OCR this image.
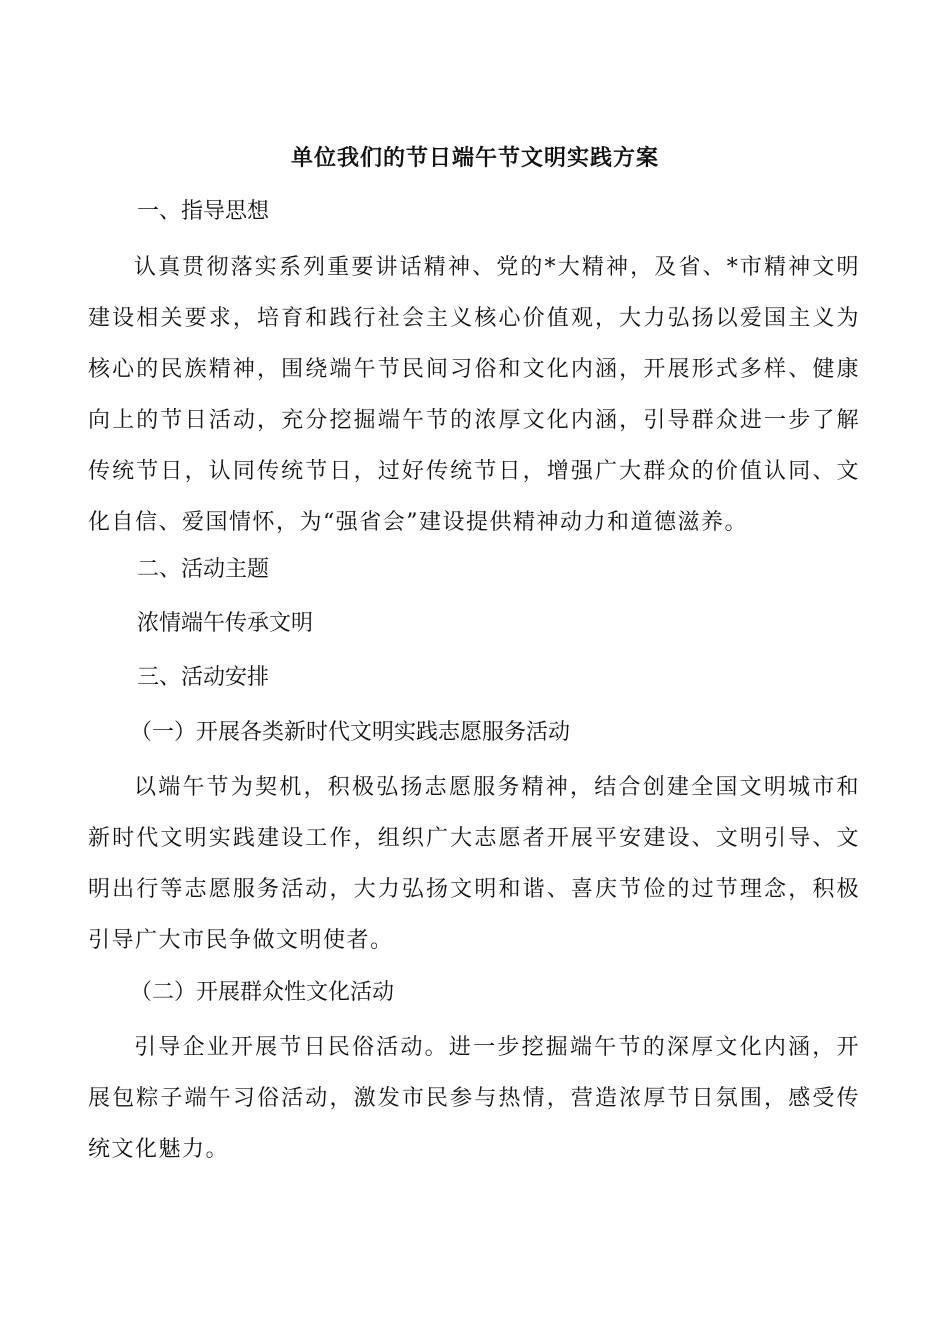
单位我们的节日端午节文明实践方案
一、指导思想
认真贯彻落实系列重要讲话精神、党的*大精神，及省、*市精神文明建设相关要求，培育和践行社会主义核心价值观，大力弘扬以爱国主义为核心的民族精神，围绕端午节民间习俗和文化内涵，开展形式多样、健康向上的节日活动，充分挖掘端午节的浓厚文化内涵，引导群众进一步了解传统节日，认同传统节日，过好传统节日，增强广大群众的价值认同、文化自信、爱国情怀，为“强省会”建设提供精神动力和道德滋养。
二、活动主题
浓情端午传承文明
三、活动安排
（一）开展各类新时代文明实践志愿服务活动
以端午节为契机，积极弘扬志愿服务精神，结合创建全国文明城市和新时代文明实践建设工作，组织广大志愿者开展平安建设、文明引导、文明出行等志愿服务活动，大力弘扬文明和谐、喜庆节俭的过节理念，积极引导广大市民争做文明使者。
（二）开展群众性文化活动
引导企业开展节日民俗活动。进一步挖掘端午节的深厚文化内涵，开展包粽子端午习俗活动，激发市民参与热情，营造浓厚节日氛围，感受传统文化魅力。
